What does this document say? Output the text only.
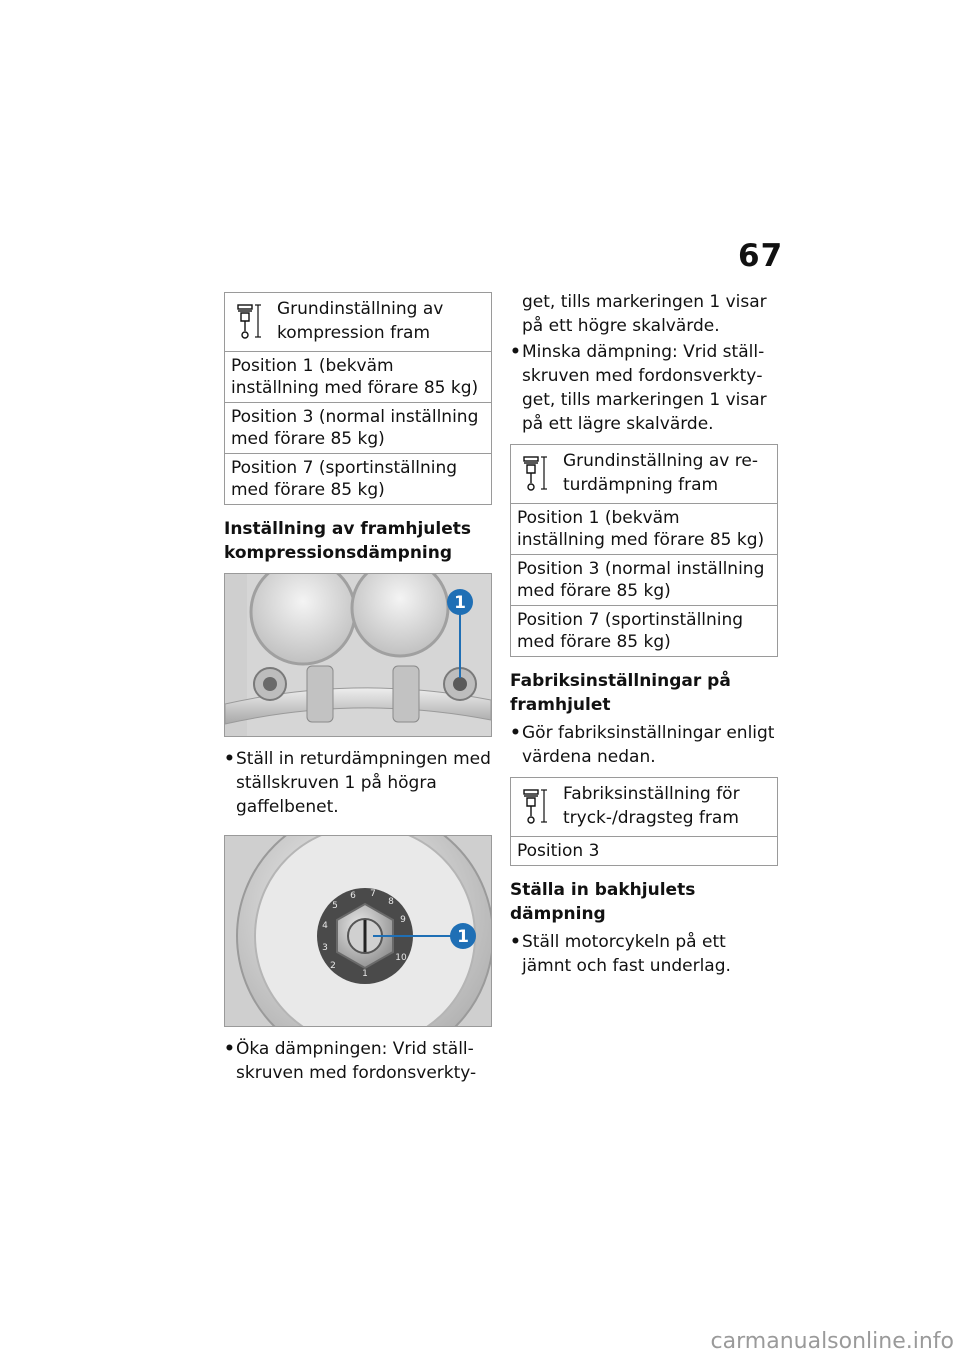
67
Grundinställning av kompression fram
Position 1 (bekväm inställning med förare 85 kg)
Position 3 (normal inställning med förare 85 kg)
Position 7 (sportinställning med förare 85 kg)
Inställning av framhjulets kompressionsdämpning
1
• Ställ in returdämpningen med ställskruven 1 på högra gaffelbenet.
2
3
4
5
6 7
8
9
10
1
1
• Öka dämpningen: Vrid ställskruven med fordonsverkty-
get, tills markeringen 1 visar på ett högre skalvärde.
• Minska dämpning: Vrid ställskruven med fordonsverktyget, tills markeringen 1 visar på ett lägre skalvärde.
Grundinställning av returdämpning fram
Position 1 (bekväm inställning med förare 85 kg)
Position 3 (normal inställning med förare 85 kg)
Position 7 (sportinställning med förare 85 kg)
Fabriksinställningar på framhjulet
• Gör fabriksinställningar enligt värdena nedan.
Fabriksinställning för tryck-/dragsteg fram
Position 3
Ställa in bakhjulets dämpning
• Ställ motorcykeln på ett jämnt och fast underlag.
carmanualsonline.info
